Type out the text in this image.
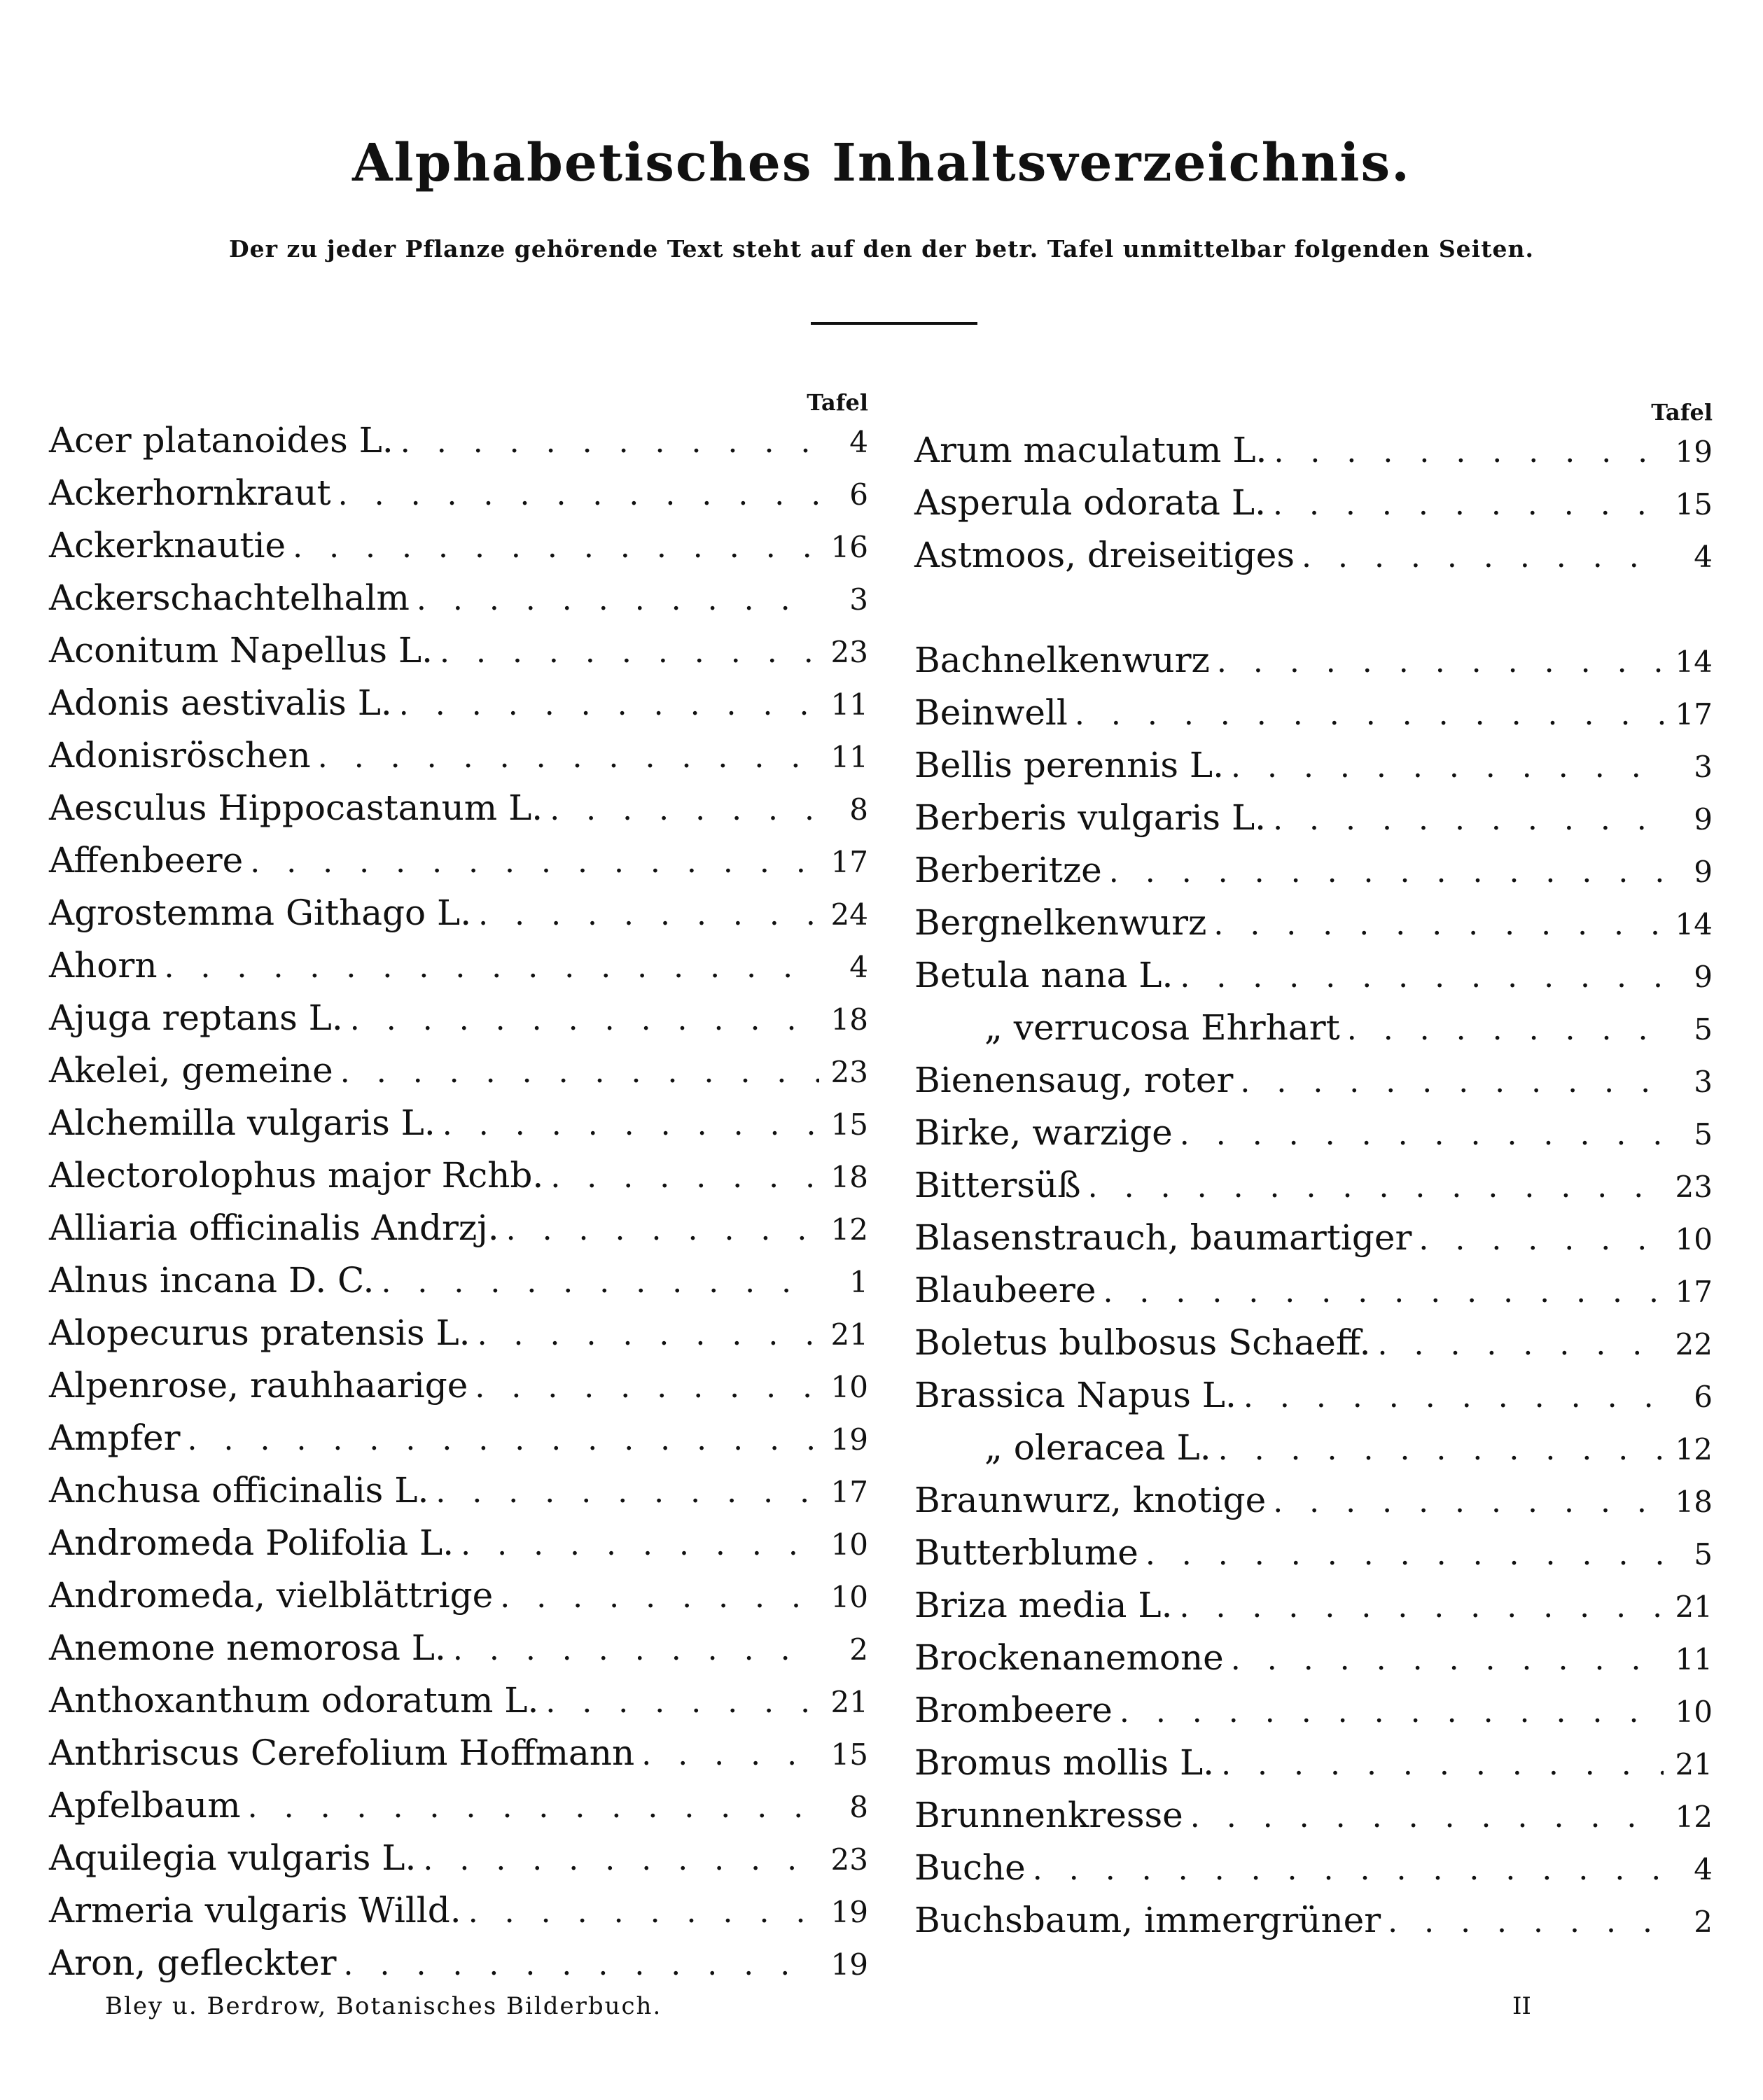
Alphabetisches Inhaltsverzeichnis.
Der zu jeder Pflanze gehörende Text steht auf den der betr. Tafel unmittelbar folgenden Seiten.
Tafel
Acer platanoides L. . . .	4
Ackerhornkraut . . .	6
Ackerknautie . . .	16
Ackerschachtelhalm . . .	3
Aconitum Napellus L. . . .	23
Adonis aestivalis L. . . .	11
Adonisröschen . . .	11
Aesculus Hippocastanum L. . . .	8
Affenbeere . . .	17
Agrostemma Githago L. . . .	24
Ahorn . . .	4
Ajuga reptans L. . . .	18
Akelei, gemeine . . .	23
Alchemilla vulgaris L. . . .	15
Alectorolophus major Rchb. . . .	18
Alliaria officinalis Andrzj. . . .	12
Alnus incana D. C. . . .	1
Alopecurus pratensis L. . . .	21
Alpenrose, rauhhaarige . . .	10
Ampfer . . .	19
Anchusa officinalis L. . . .	17
Andromeda Polifolia L. . . .	10
Andromeda, vielblättrige . . .	10
Anemone nemorosa L. . . .	2
Anthoxanthum odoratum L. . . .	21
Anthriscus Cerefolium Hoffmann . . .	15
Apfelbaum . . .	8
Aquilegia vulgaris L. . . .	23
Armeria vulgaris Willd. . . .	19
Aron, gefleckter . . .	19
Tafel
Arum maculatum L. . . .	19
Asperula odorata L. . . .	15
Astmoos, dreiseitiges . . .	4
Bachnelkenwurz . . .	14
Beinwell . . .	17
Bellis perennis L. . . .	3
Berberis vulgaris L. . . .	9
Berberitze . . .	9
Bergnelkenwurz . . .	14
Betula nana L. . . .	9
„ verrucosa Ehrhart . . .	5
Bienensaug, roter . . .	3
Birke, warzige . . .	5
Bittersüß . . .	23
Blasenstrauch, baumartiger . . .	10
Blaubeere . . .	17
Boletus bulbosus Schaeff. . . .	22
Brassica Napus L. . . .	6
„ oleracea L. . . .	12
Braunwurz, knotige . . .	18
Butterblume . . .	5
Briza media L. . . .	21
Brockenanemone . . .	11
Brombeere . . .	10
Bromus mollis L. . . .	21
Brunnenkresse . . .	12
Buche . . .	4
Buchsbaum, immergrüner . . .	2
Bley u. Berdrow, Botanisches Bilderbuch.	II
